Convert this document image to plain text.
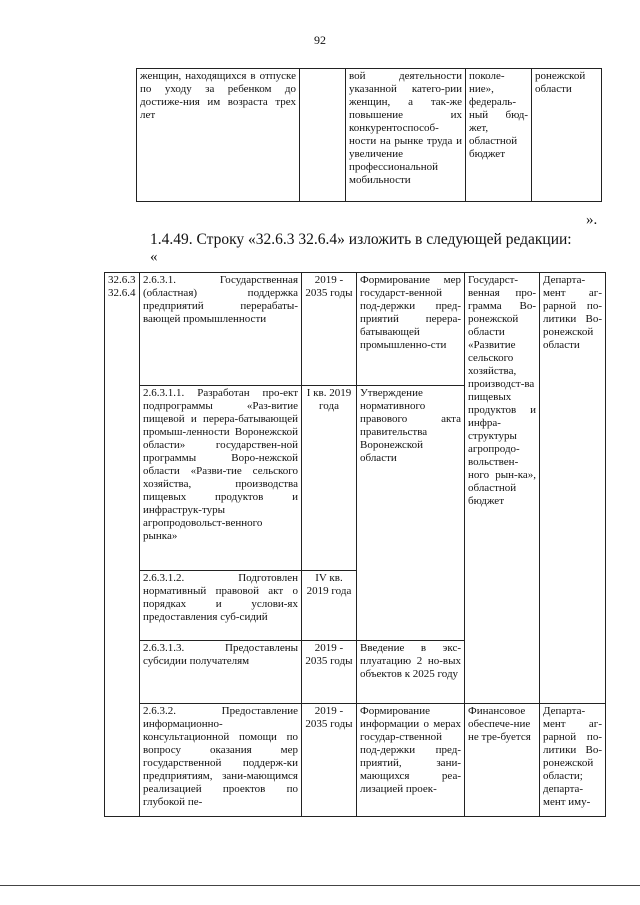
92
женщин, находящихся в отпуске по уходу за ребенком до достиже-ния им возраста трех лет		вой деятельности указанной катего-рии женщин, а так-же повышение их конкурентоспособ-ности на рынке труда и увеличение профессиональной мобильности	поколе-ние», федераль-ный бюд-жет, областной бюджет	ронежской области
».
1.4.49. Строку «32.6.3 32.6.4» изложить в следующей редакции:
«
32.6.3
32.6.4	2.6.3.1. Государственная (областная) поддержка предприятий перерабаты-вающей промышленности	2019 - 2035 годы	Формирование мер государст-венной под-держки пред-приятий перера-батывающей промышленно-сти	Государст-венная про-грамма Во-ронежской области «Развитие сельского хозяйства, производст-ва пищевых продуктов и инфра-структуры агропродо-вольствен-ного рын-ка», областной бюджет	Департа-мент аг-рарной по-литики Во-ронежской области
	2.6.3.1.1. Разработан про-ект подпрограммы «Раз-витие пищевой и перера-батывающей промыш-ленности Воронежской области» государствен-ной программы Воро-нежской области «Разви-тие сельского хозяйства, производства пищевых продуктов и инфраструк-туры агропродовольст-венного рынка»	I кв. 2019 года	Утверждение нормативного правового акта правительства Воронежской области		
	2.6.3.1.2. Подготовлен нормативный правовой акт о порядках и услови-ях предоставления суб-сидий	IV кв. 2019 года			
	2.6.3.1.3. Предоставлены субсидии получателям	2019 - 2035 годы	Введение в экс-плуатацию 2 но-вых объектов к 2025 году		
	2.6.3.2. Предоставление информационно-консультационной помощи по вопросу оказания мер государственной поддерж-ки предприятиям, зани-мающимся реализацией проектов по глубокой пе-	2019 - 2035 годы	Формирование информации о мерах государ-ственной под-держки пред-приятий, зани-мающихся реа-лизацией проек-	Финансовое обеспече-ние не тре-буется	Департа-мент аг-рарной по-литики Во-ронежской области; департа-мент иму-
